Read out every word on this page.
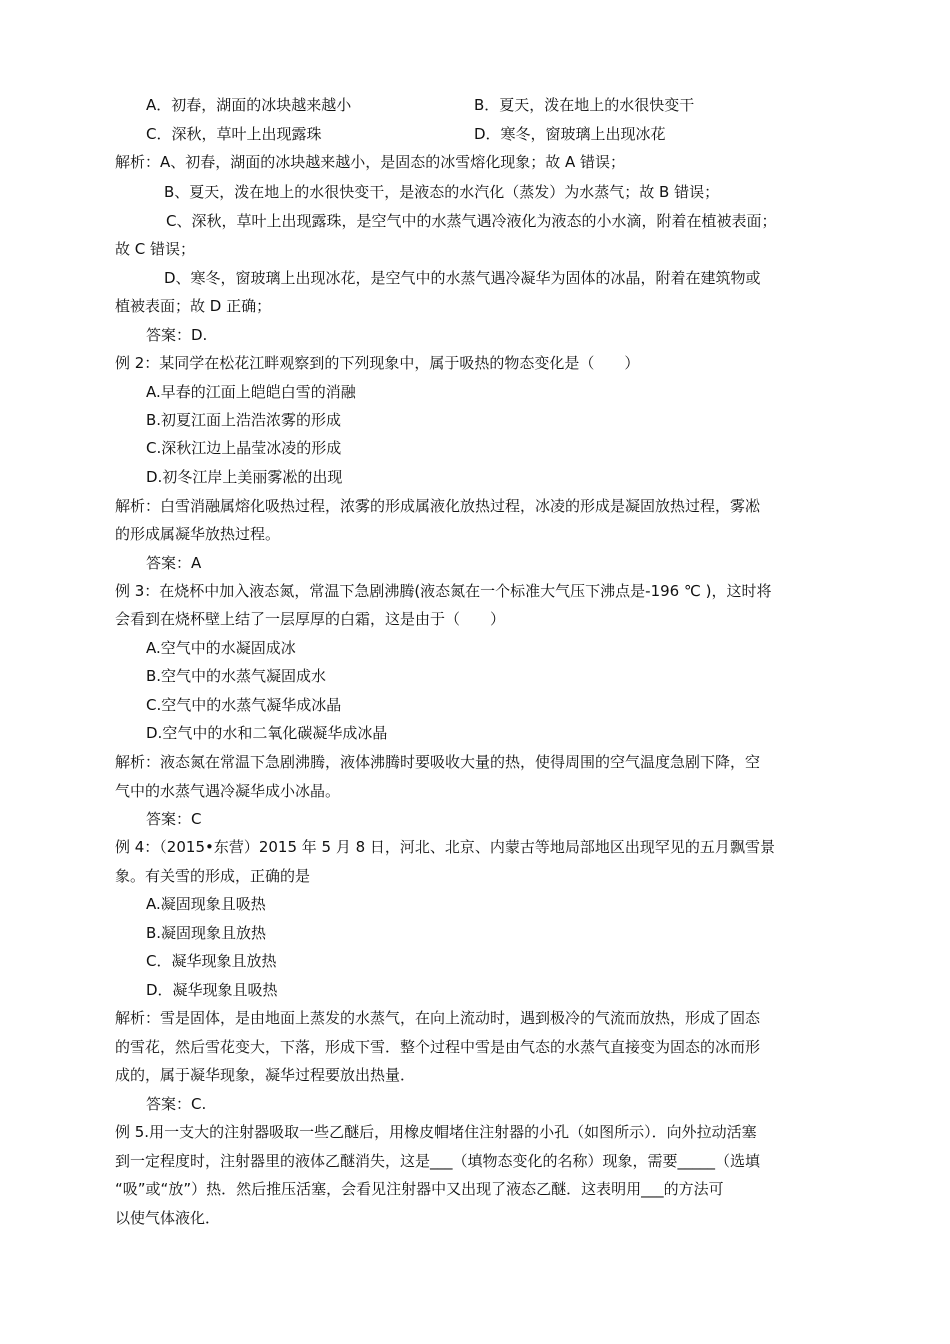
A．初春，湖面的冰块越来越小	B．夏天，泼在地上的水很快变干
C．深秋，草叶上出现露珠	D．寒冬，窗玻璃上出现冰花
解析：A、初春，湖面的冰块越来越小，是固态的冰雪熔化现象；故 A 错误；
B、夏天，泼在地上的水很快变干，是液态的水汽化（蒸发）为水蒸气；故 B 错误；
C、深秋，草叶上出现露珠，是空气中的水蒸气遇冷液化为液态的小水滴，附着在植被表面；
故 C 错误；
D、寒冬，窗玻璃上出现冰花，是空气中的水蒸气遇冷凝华为固体的冰晶，附着在建筑物或
植被表面；故 D 正确；
答案：D.
例 2：某同学在松花江畔观察到的下列现象中，属于吸热的物态变化是（　　）
A.早春的江面上皑皑白雪的消融
B.初夏江面上浩浩浓雾的形成
C.深秋江边上晶莹冰凌的形成
D.初冬江岸上美丽雾凇的出现
解析：白雪消融属熔化吸热过程，浓雾的形成属液化放热过程，冰凌的形成是凝固放热过程，雾凇
的形成属凝华放热过程。
答案：A
例 3：在烧杯中加入液态氮，常温下急剧沸腾(液态氮在一个标准大气压下沸点是-196 ℃ )，这时将
会看到在烧杯壁上结了一层厚厚的白霜，这是由于（　　）
A.空气中的水凝固成冰
B.空气中的水蒸气凝固成水
C.空气中的水蒸气凝华成冰晶
D.空气中的水和二氧化碳凝华成冰晶
解析：液态氮在常温下急剧沸腾，液体沸腾时要吸收大量的热，使得周围的空气温度急剧下降，空
气中的水蒸气遇冷凝华成小冰晶。
答案：C
例 4：（2015•东营）2015 年 5 月 8 日，河北、北京、内蒙古等地局部地区出现罕见的五月飘雪景
象。有关雪的形成，正确的是
A.凝固现象且吸热
B.凝固现象且放热
C．凝华现象且放热
D．凝华现象且吸热
解析：雪是固体，是由地面上蒸发的水蒸气，在向上流动时，遇到极冷的气流而放热，形成了固态
的雪花，然后雪花变大，下落，形成下雪．整个过程中雪是由气态的水蒸气直接变为固态的冰而形
成的，属于凝华现象，凝华过程要放出热量．
答案：C.
例 5.用一支大的注射器吸取一些乙醚后，用橡皮帽堵住注射器的小孔（如图所示）．向外拉动活塞
到一定程度时，注射器里的液体乙醚消失，这是___（填物态变化的名称）现象，需要_____（选填
“吸”或“放”）热．然后推压活塞，会看见注射器中又出现了液态乙醚．这表明用___的方法可
以使气体液化．
